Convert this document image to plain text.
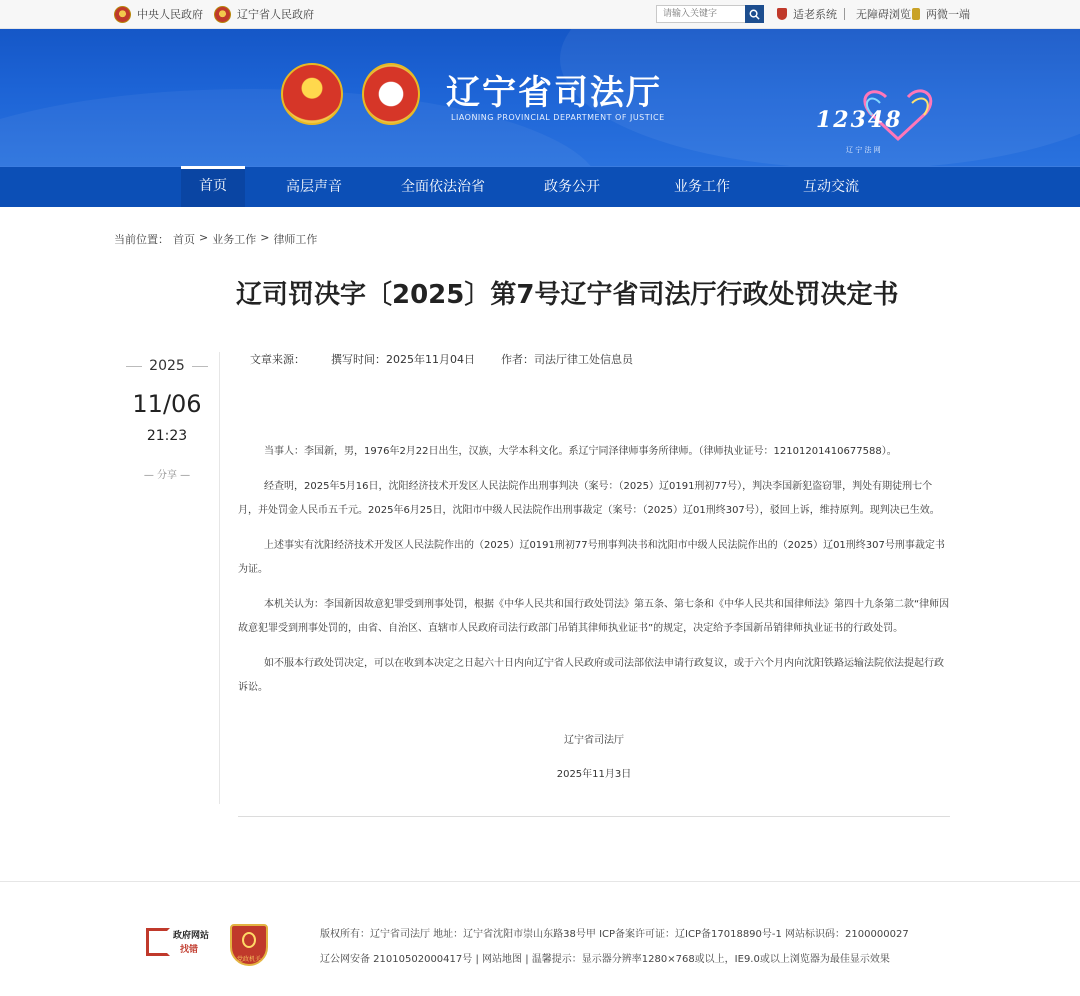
中央人民政府	辽宁省人民政府
请输入关键字	适老系统 无障碍浏览 两微一端
辽宁省司法厅
LIAONING PROVINCIAL DEPARTMENT OF JUSTICE	12348
辽 宁 法 网
首页	高层声音	全面依法治省	政务公开	业务工作	互动交流
当前位置： 首页 > 业务工作 > 律师工作
辽司罚决字〔2025〕第7号辽宁省司法厅行政处罚决定书
2025
11/06
21:23
— 分享 —
文章来源： 撰写时间：2025年11月04日 作者：司法厅律工处信息员

当事人：李国新，男，1976年2月22日出生，汉族，大学本科文化。系辽宁同泽律师事务所律师。（律师执业证号：12101201410677588）。

经查明，2025年5月16日，沈阳经济技术开发区人民法院作出刑事判决（案号：（2025）辽0191刑初77号），判决李国新犯盗窃罪，判处有期徒刑七个月，并处罚金人民币五千元。2025年6月25日，沈阳市中级人民法院作出刑事裁定（案号：（2025）辽01刑终307号），驳回上诉，维持原判。现判决已生效。

上述事实有沈阳经济技术开发区人民法院作出的（2025）辽0191刑初77号刑事判决书和沈阳市中级人民法院作出的（2025）辽01刑终307号刑事裁定书为证。

本机关认为：李国新因故意犯罪受到刑事处罚，根据《中华人民共和国行政处罚法》第五条、第七条和《中华人民共和国律师法》第四十九条第二款“律师因故意犯罪受到刑事处罚的，由省、自治区、直辖市人民政府司法行政部门吊销其律师执业证书”的规定，决定给予李国新吊销律师执业证书的行政处罚。

如不服本行政处罚决定，可以在收到本决定之日起六十日内向辽宁省人民政府或司法部依法申请行政复议，或于六个月内向沈阳铁路运输法院依法提起行政诉讼。

辽宁省司法厅
2025年11月3日
政府网站
找错
党政机关
版权所有：辽宁省司法厅 地址：辽宁省沈阳市崇山东路38号甲 ICP备案许可证：辽ICP备17018890号-1 网站标识码：2100000027
辽公网安备 21010502000417号 | 网站地图 | 温馨提示：显示器分辨率1280×768或以上，IE9.0或以上浏览器为最佳显示效果
